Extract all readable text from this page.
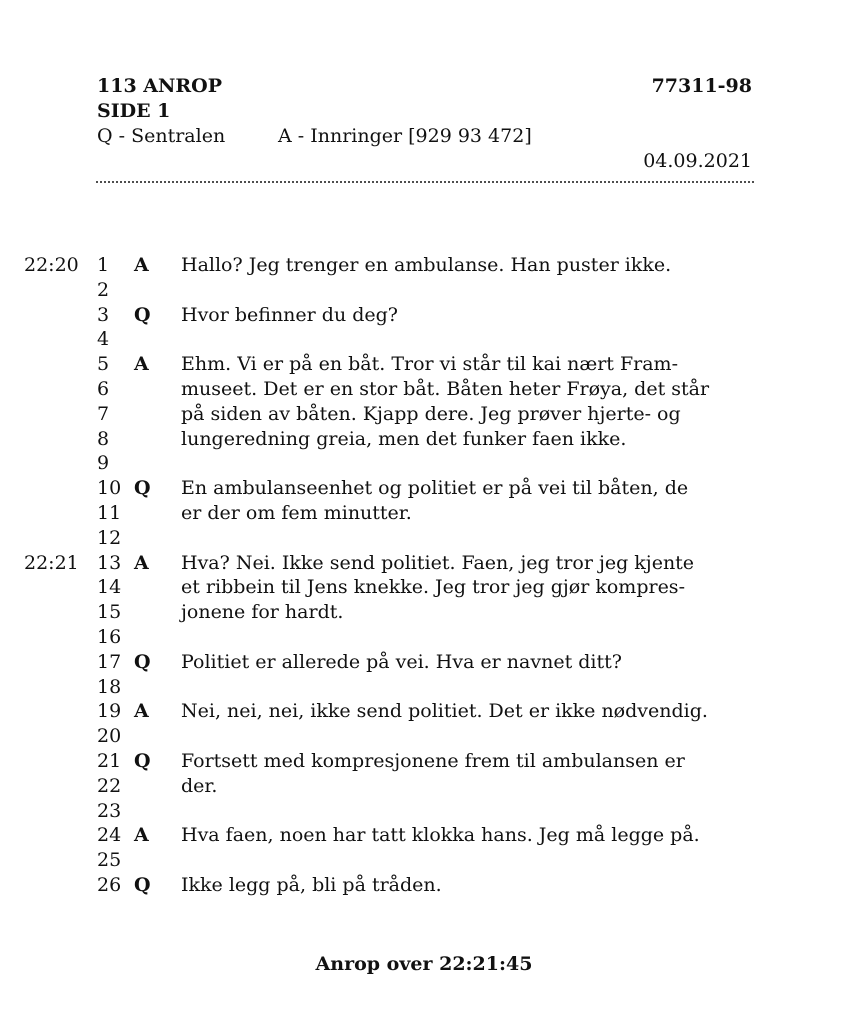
113 ANROP	77311-98
SIDE 1
Q - Sentralen	A - Innringer [929 93 472]
04.09.2021
22:20 1 A Hallo? Jeg trenger en ambulanse. Han puster ikke.
2
3 Q Hvor befinner du deg?
4
5 A Ehm. Vi er på en båt. Tror vi står til kai nært Fram-
6	museet. Det er en stor båt. Båten heter Frøya, det står
7	på siden av båten. Kjapp dere. Jeg prøver hjerte- og
8	lungeredning greia, men det funker faen ikke.
9
10 Q En ambulanseenhet og politiet er på vei til båten, de
11	er der om fem minutter.
12
22:21 13 A Hva? Nei. Ikke send politiet. Faen, jeg tror jeg kjente
14	et ribbein til Jens knekke. Jeg tror jeg gjør kompres-
15	jonene for hardt.
16
17 Q Politiet er allerede på vei. Hva er navnet ditt?
18
19 A Nei, nei, nei, ikke send politiet. Det er ikke nødvendig.
20
21 Q Fortsett med kompresjonene frem til ambulansen er
22	der.
23
24 A Hva faen, noen har tatt klokka hans. Jeg må legge på.
25
26 Q Ikke legg på, bli på tråden.
Anrop over 22:21:45
